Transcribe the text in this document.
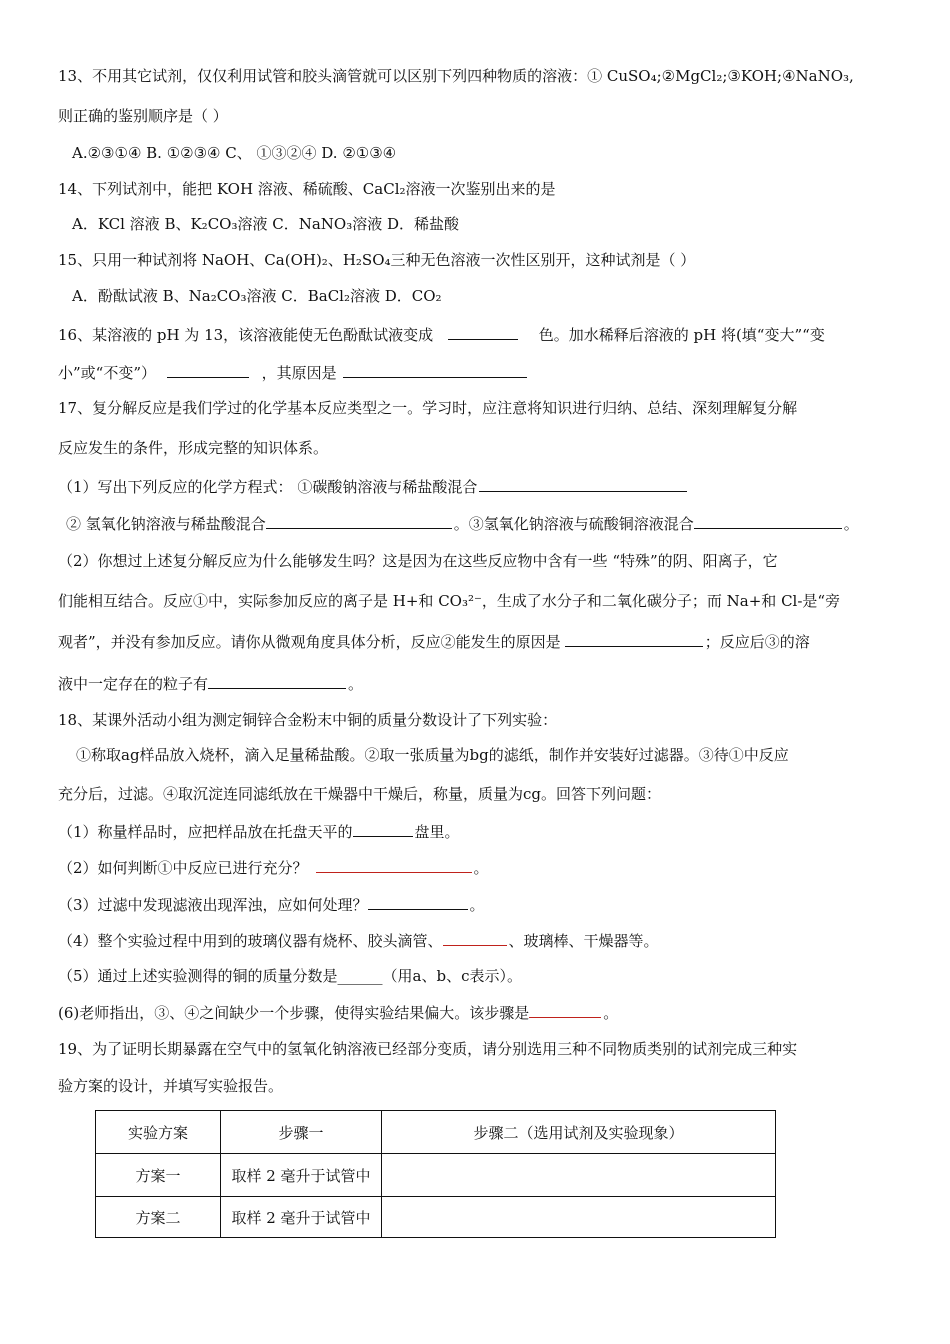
13、不用其它试剂，仅仅利用试管和胶头滴管就可以区别下列四种物质的溶液：① CuSO₄;②MgCl₂;③KOH;④NaNO₃,
则正确的鉴别顺序是（ ）
A.②③①④ B. ①②③④ C、 ①③②④ D. ②①③④
14、下列试剂中，能把 KOH 溶液、稀硫酸、CaCl₂溶液一次鉴别出来的是
A．KCl 溶液 B、K₂CO₃溶液 C．NaNO₃溶液 D．稀盐酸
15、只用一种试剂将 NaOH、Ca(OH)₂、H₂SO₄三种无色溶液一次性区别开，这种试剂是（ ）
A．酚酞试液 B、Na₂CO₃溶液 C．BaCl₂溶液 D．CO₂
16、某溶液的 pH 为 13，该溶液能使无色酚酞试液变成	色。加水稀释后溶液的 pH 将(填“变大”“变
小”或“不变”）	，其原因是
17、复分解反应是我们学过的化学基本反应类型之一。学习时，应注意将知识进行归纳、总结、深刻理解复分解
反应发生的条件，形成完整的知识体系。
（1）写出下列反应的化学方程式： ①碳酸钠溶液与稀盐酸混合
② 氢氧化钠溶液与稀盐酸混合	。③氢氧化钠溶液与硫酸铜溶液混合	。
（2）你想过上述复分解反应为什么能够发生吗？这是因为在这些反应物中含有一些 “特殊”的阴、阳离子，它
们能相互结合。反应①中，实际参加反应的离子是 H+和 CO₃²⁻，生成了水分子和二氧化碳分子；而 Na+和 Cl-是“旁
观者”，并没有参加反应。请你从微观角度具体分析，反应②能发生的原因是	；反应后③的溶
液中一定存在的粒子有	。
18、某课外活动小组为测定铜锌合金粉末中铜的质量分数设计了下列实验：
①称取ag样品放入烧杯，滴入足量稀盐酸。②取一张质量为bg的滤纸，制作并安装好过滤器。③待①中反应
充分后，过滤。④取沉淀连同滤纸放在干燥器中干燥后，称量，质量为cg。回答下列问题：
（1）称量样品时，应把样品放在托盘天平的	盘里。
（2）如何判断①中反应已进行充分？	。
（3）过滤中发现滤液出现浑浊，应如何处理？	。
（4）整个实验过程中用到的玻璃仪器有烧杯、胶头滴管、	、玻璃棒、干燥器等。
（5）通过上述实验测得的铜的质量分数是______（用a、b、c表示）。
(6)老师指出，③、④之间缺少一个步骤，使得实验结果偏大。该步骤是	。
19、为了证明长期暴露在空气中的氢氧化钠溶液已经部分变质，请分别选用三种不同物质类别的试剂完成三种实
验方案的设计，并填写实验报告。
实验方案	步骤一	步骤二（选用试剂及实验现象）
方案一	取样 2 毫升于试管中	
方案二	取样 2 毫升于试管中	
